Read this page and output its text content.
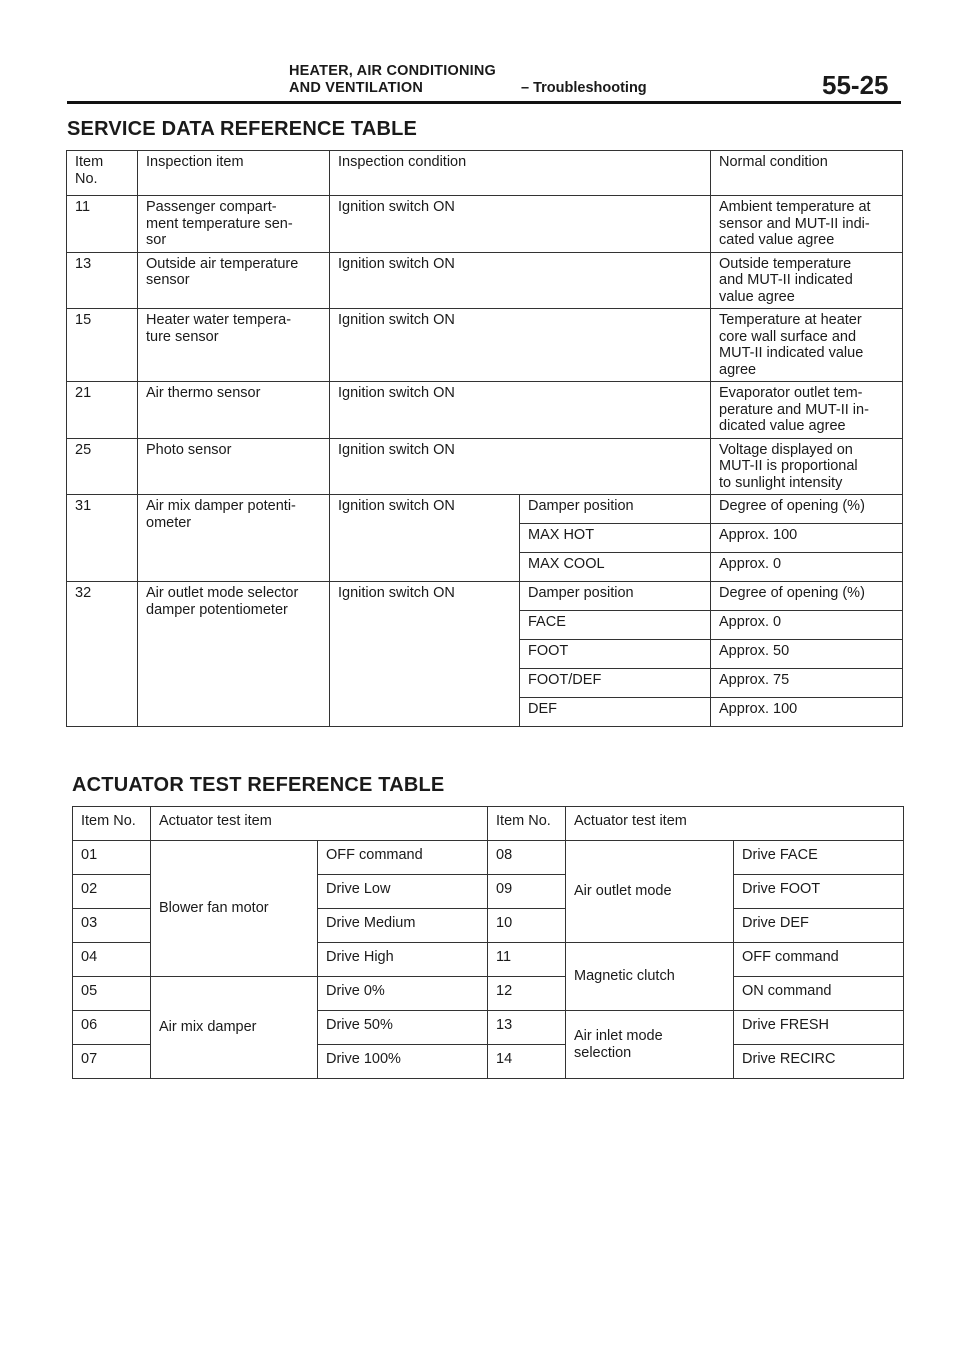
HEATER, AIR CONDITIONING
AND VENTILATION	– Troubleshooting	55-25
SERVICE DATA REFERENCE TABLE
Item
No.	Inspection item	Inspection condition		Normal condition
11	Passenger compart-
ment temperature sen-
sor	Ignition switch ON		Ambient temperature at
sensor and MUT-II indi-
cated value agree
13	Outside air temperature
sensor	Ignition switch ON		Outside temperature
and MUT-II indicated
value agree
15	Heater water tempera-
ture sensor	Ignition switch ON		Temperature at heater
core wall surface and
MUT-II indicated value
agree
21	Air thermo sensor	Ignition switch ON		Evaporator outlet tem-
perature and MUT-II in-
dicated value agree
25	Photo sensor	Ignition switch ON		Voltage displayed on
MUT-II is proportional
to sunlight intensity
31	Air mix damper potenti-
ometer	Ignition switch ON	Damper position	Degree of opening (%)
			MAX HOT	Approx. 100
			MAX COOL	Approx. 0
32	Air outlet mode selector
damper potentiometer	Ignition switch ON	Damper position	Degree of opening (%)
			FACE	Approx. 0
			FOOT	Approx. 50
			FOOT/DEF	Approx. 75
			DEF	Approx. 100
ACTUATOR TEST REFERENCE TABLE
Item No.	Actuator test item		Item No.	Actuator test item	
01	Blower fan motor	OFF command	08	Air outlet mode	Drive FACE
02		Drive Low	09		Drive FOOT
03		Drive Medium	10		Drive DEF
04		Drive High	11	Magnetic clutch	OFF command
05	Air mix damper	Drive 0%	12		ON command
06		Drive 50%	13	Air inlet mode
selection	Drive FRESH
07		Drive 100%	14		Drive RECIRC
